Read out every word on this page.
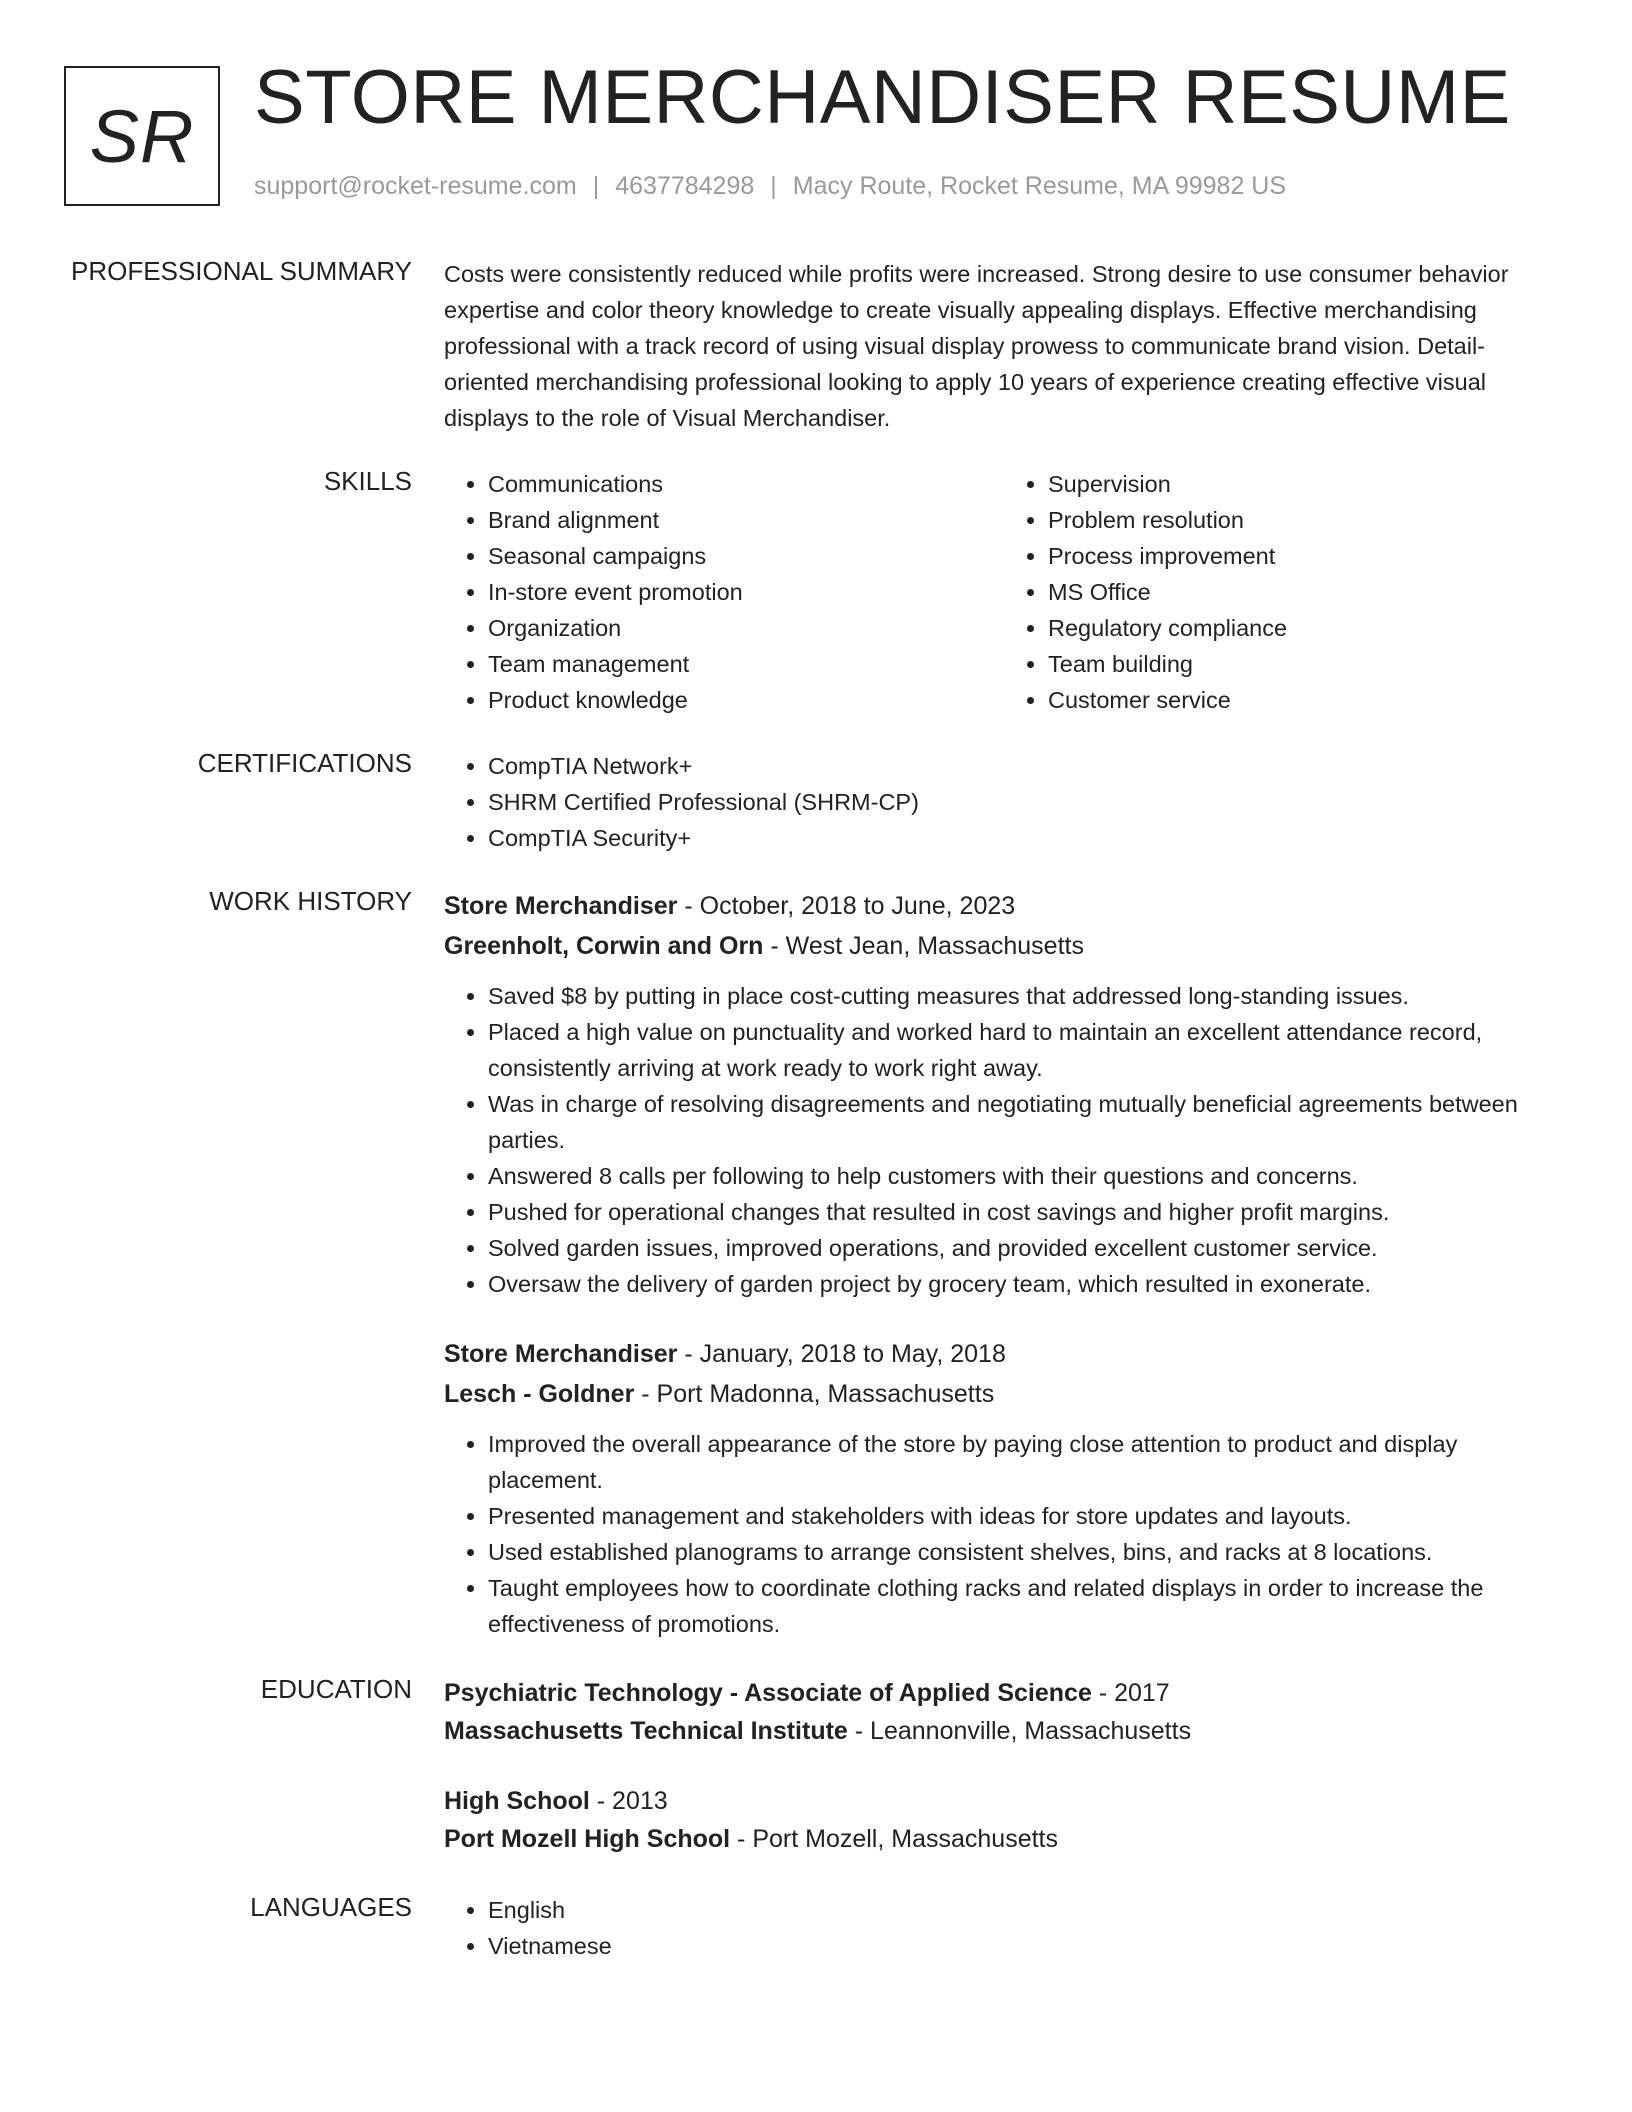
SR STORE MERCHANDISER RESUME
support@rocket-resume.com | 4637784298 | Macy Route, Rocket Resume, MA 99982 US
PROFESSIONAL SUMMARY Costs were consistently reduced while profits were increased. Strong desire to use consumer behavior expertise and color theory knowledge to create visually appealing displays. Effective merchandising professional with a track record of using visual display prowess to communicate brand vision. Detail-oriented merchandising professional looking to apply 10 years of experience creating effective visual displays to the role of Visual Merchandiser.
SKILLS	• Communications
• Brand alignment
• Seasonal campaigns
• In-store event promotion
• Organization
• Team management
• Product knowledge
• Supervision
• Problem resolution
• Process improvement
• MS Office
• Regulatory compliance
• Team building
• Customer service
CERTIFICATIONS	• CompTIA Network+
• SHRM Certified Professional (SHRM-CP)
• CompTIA Security+
WORK HISTORY Store Merchandiser - October, 2018 to June, 2023
Greenholt, Corwin and Orn - West Jean, Massachusetts
• Saved $8 by putting in place cost-cutting measures that addressed long-standing issues.
• Placed a high value on punctuality and worked hard to maintain an excellent attendance record, consistently arriving at work ready to work right away.
• Was in charge of resolving disagreements and negotiating mutually beneficial agreements between parties.
• Answered 8 calls per following to help customers with their questions and concerns.
• Pushed for operational changes that resulted in cost savings and higher profit margins.
• Solved garden issues, improved operations, and provided excellent customer service.
• Oversaw the delivery of garden project by grocery team, which resulted in exonerate.
Store Merchandiser - January, 2018 to May, 2018
Lesch - Goldner - Port Madonna, Massachusetts
• Improved the overall appearance of the store by paying close attention to product and display placement.
• Presented management and stakeholders with ideas for store updates and layouts.
• Used established planograms to arrange consistent shelves, bins, and racks at 8 locations.
• Taught employees how to coordinate clothing racks and related displays in order to increase the effectiveness of promotions.
EDUCATION Psychiatric Technology - Associate of Applied Science - 2017
Massachusetts Technical Institute - Leannonville, Massachusetts
High School - 2013
Port Mozell High School - Port Mozell, Massachusetts
LANGUAGES	• English
• Vietnamese
